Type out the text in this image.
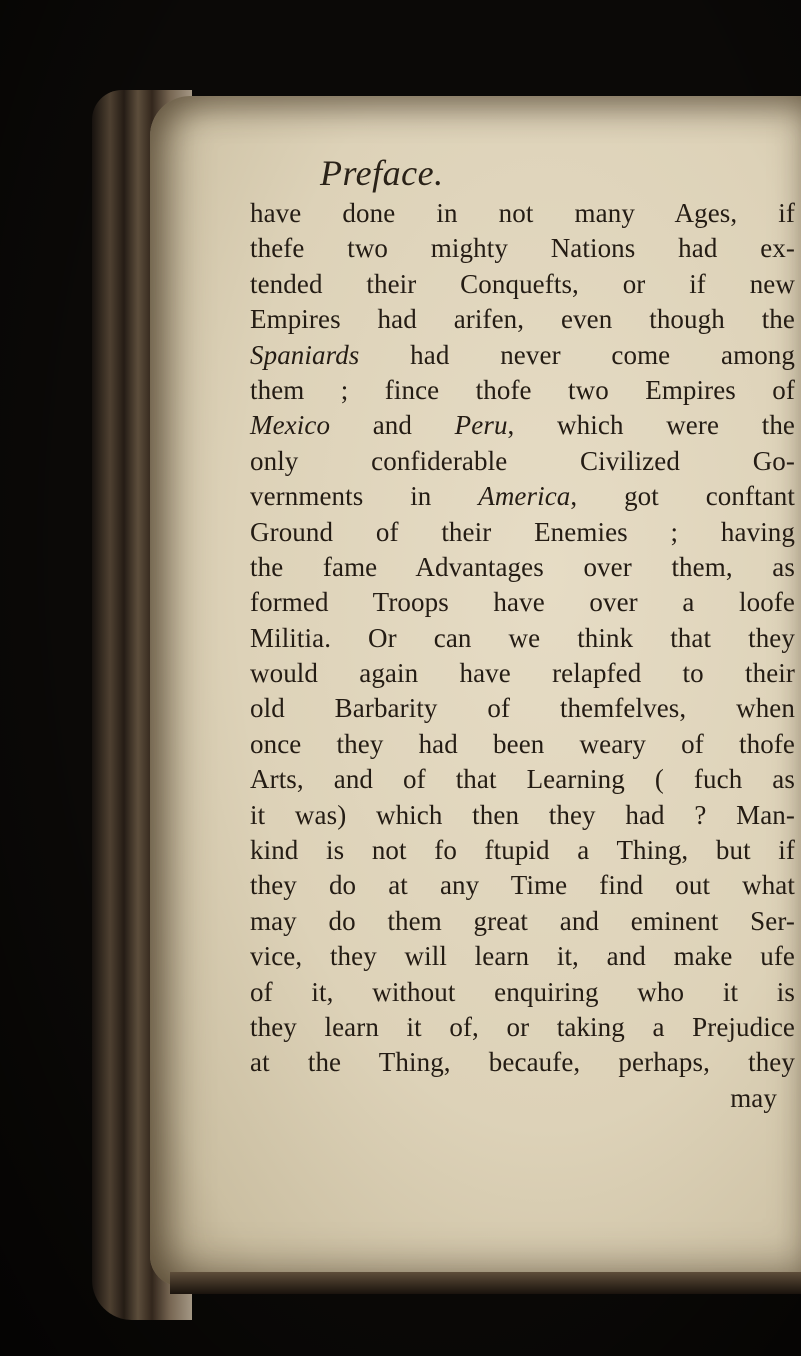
Preface.
have done in not many Ages, if
thefe two mighty Nations had ex-
tended their Conquefts, or if new
Empires had arifen, even though the
Spaniards had never come among
them ; fince thofe two Empires of
Mexico and Peru, which were the
only confiderable Civilized Go-
vernments in America, got conftant
Ground of their Enemies ; having
the fame Advantages over them, as
formed Troops have over a loofe
Militia. Or can we think that they
would again have relapfed to their
old Barbarity of themfelves, when
once they had been weary of thofe
Arts, and of that Learning ( fuch as
it was) which then they had ? Man-
kind is not fo ftupid a Thing, but if
they do at any Time find out what
may do them great and eminent Ser-
vice, they will learn it, and make ufe
of it, without enquiring who it is
they learn it of, or taking a Prejudice
at the Thing, becaufe, perhaps, they
may
